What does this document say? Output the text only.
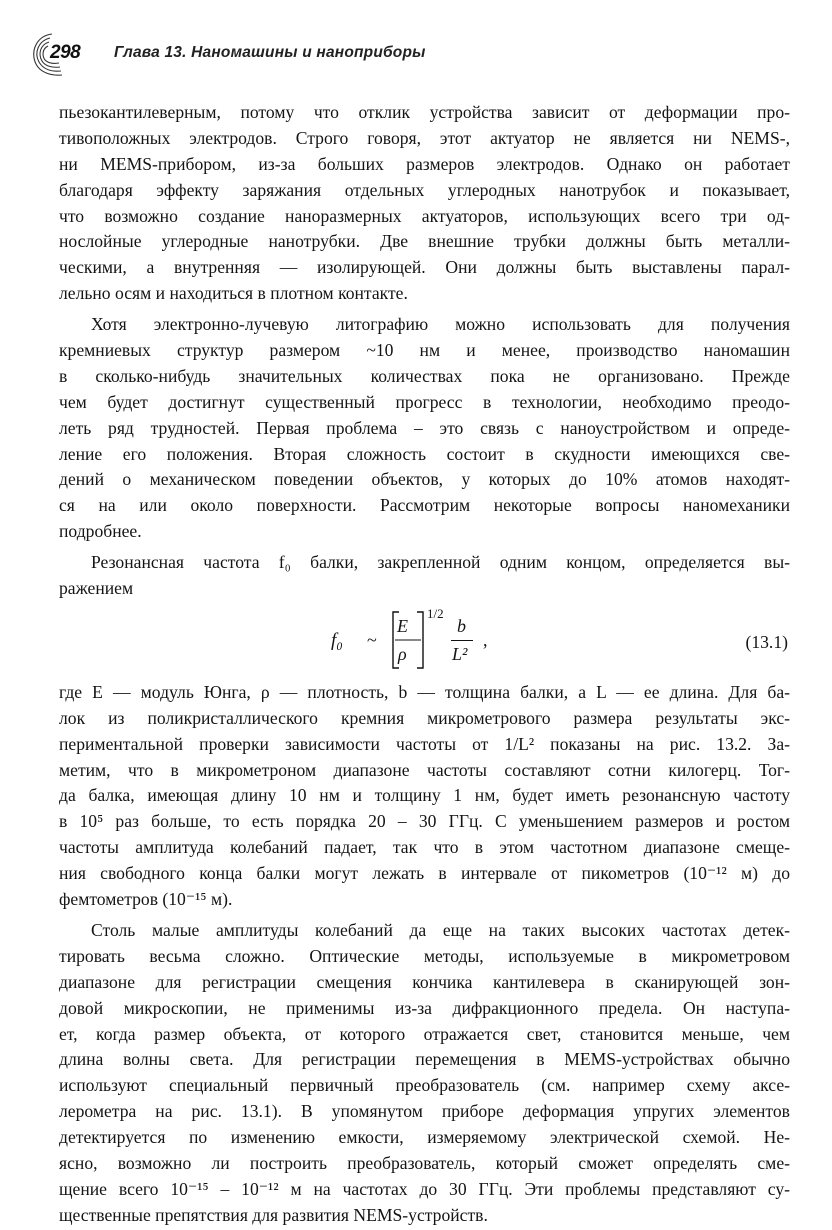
298 Глава 13. Наномашины и наноприборы

пьезокантилеверным, потому что отклик устройства зависит от деформации про-
тивоположных электродов. Строго говоря, этот актуатор не является ни NEMS-,
ни MEMS-прибором, из-за больших размеров электродов. Однако он работает
благодаря эффекту заряжания отдельных углеродных нанотрубок и показывает,
что возможно создание наноразмерных актуаторов, использующих всего три од-
нослойные углеродные нанотрубки. Две внешние трубки должны быть металли-
ческими, а внутренняя — изолирующей. Они должны быть выставлены парал-
лельно осям и находиться в плотном контакте.

Хотя электронно-лучевую литографию можно использовать для получения
кремниевых структур размером ~10 нм и менее, производство наномашин
в сколько-нибудь значительных количествах пока не организовано. Прежде
чем будет достигнут существенный прогресс в технологии, необходимо преодо-
леть ряд трудностей. Первая проблема – это связь с наноустройством и опреде-
ление его положения. Вторая сложность состоит в скудности имеющихся све-
дений о механическом поведении объектов, у которых до 10% атомов находят-
ся на или около поверхности. Рассмотрим некоторые вопросы наномеханики
подробнее.

Резонансная частота f₀ балки, закрепленной одним концом, определяется вы-
ражением

f₀ ~
E
ρ
1/2
b
L²
,	(13.1)

где E — модуль Юнга, ρ — плотность, b — толщина балки, а L — ее длина. Для ба-
лок из поликристаллического кремния микрометрового размера результаты экс-
периментальной проверки зависимости частоты от 1/L² показаны на рис. 13.2. За-
метим, что в микрометроном диапазоне частоты составляют сотни килогерц. Тог-
да балка, имеющая длину 10 нм и толщину 1 нм, будет иметь резонансную частоту
в 10⁵ раз больше, то есть порядка 20 – 30 ГГц. С уменьшением размеров и ростом
частоты амплитуда колебаний падает, так что в этом частотном диапазоне смеще-
ния свободного конца балки могут лежать в интервале от пикометров (10⁻¹² м) до
фемтометров (10⁻¹⁵ м).

Столь малые амплитуды колебаний да еще на таких высоких частотах детек-
тировать весьма сложно. Оптические методы, используемые в микрометровом
диапазоне для регистрации смещения кончика кантилевера в сканирующей зон-
довой микроскопии, не применимы из-за дифракционного предела. Он наступа-
ет, когда размер объекта, от которого отражается свет, становится меньше, чем
длина волны света. Для регистрации перемещения в MEMS-устройствах обычно
используют специальный первичный преобразователь (см. например схему аксе-
лерометра на рис. 13.1). В упомянутом приборе деформация упругих элементов
детектируется по изменению емкости, измеряемому электрической схемой. Не-
ясно, возможно ли построить преобразователь, который сможет определять сме-
щение всего 10⁻¹⁵ – 10⁻¹² м на частотах до 30 ГГц. Эти проблемы представляют су-
щественные препятствия для развития NEMS-устройств.
